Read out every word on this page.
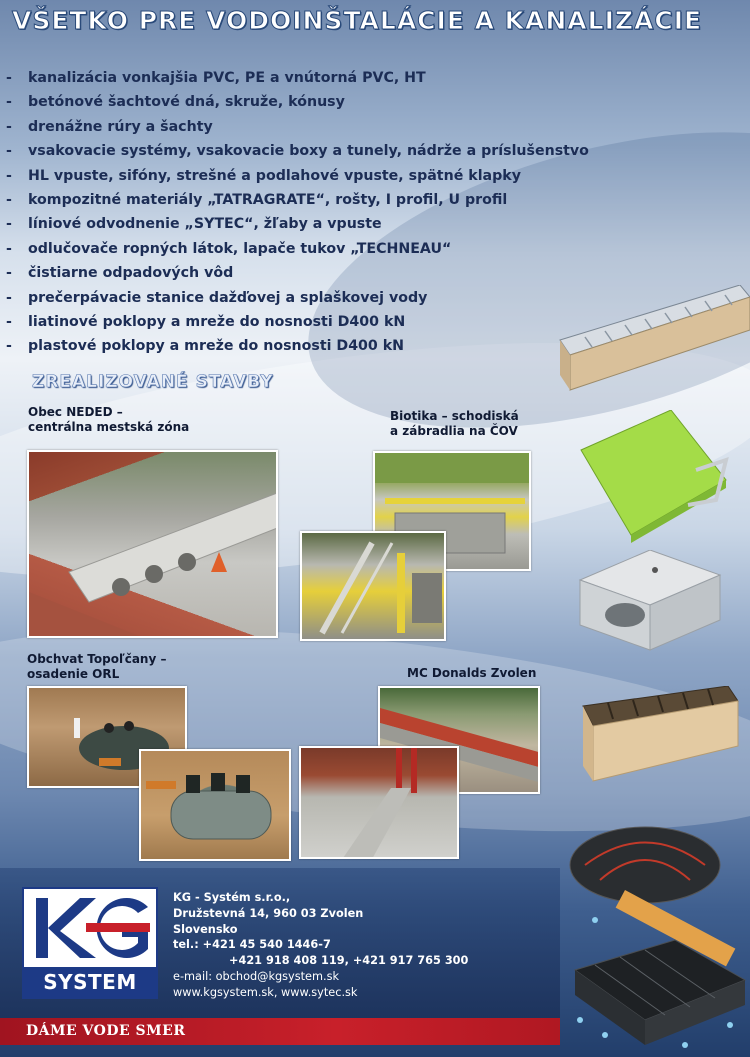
VŠETKO PRE VODOINŠTALÁCIE A KANALIZÁCIE
- kanalizácia vonkajšia PVC, PE a vnútorná PVC, HT
- betónové šachtové dná, skruže, kónusy
- drenážne rúry a šachty
- vsakovacie systémy, vsakovacie boxy a tunely, nádrže a príslušenstvo
- HL vpuste, sifóny, strešné a podlahové vpuste, spätné klapky
- kompozitné materiály „TATRAGRATE“, rošty, I profil, U profil
- líniové odvodnenie „SYTEC“, žľaby a vpuste
- odlučovače ropných látok, lapače tukov „TECHNEAU“
- čistiarne odpadových vôd
- prečerpávacie stanice dažďovej a splaškovej vody
- liatinové poklopy a mreže do nosnosti D400 kN
- plastové poklopy a mreže do nosnosti D400 kN
ZREALIZOVANÉ STAVBY
Obec NEDED –
centrálna mestská zóna
Biotika – schodiská
a zábradlia na ČOV
Obchvat Topoľčany –
osadenie ORL	MC Donalds Zvolen
SYSTEM
KG - Systém s.r.o.,
Družstevná 14, 960 03 Zvolen
Slovensko
tel.: +421 45 540 1446-7
+421 918 408 119, +421 917 765 300
e-mail: obchod@kgsystem.sk
www.kgsystem.sk, www.sytec.sk
DÁME VODE SMER
